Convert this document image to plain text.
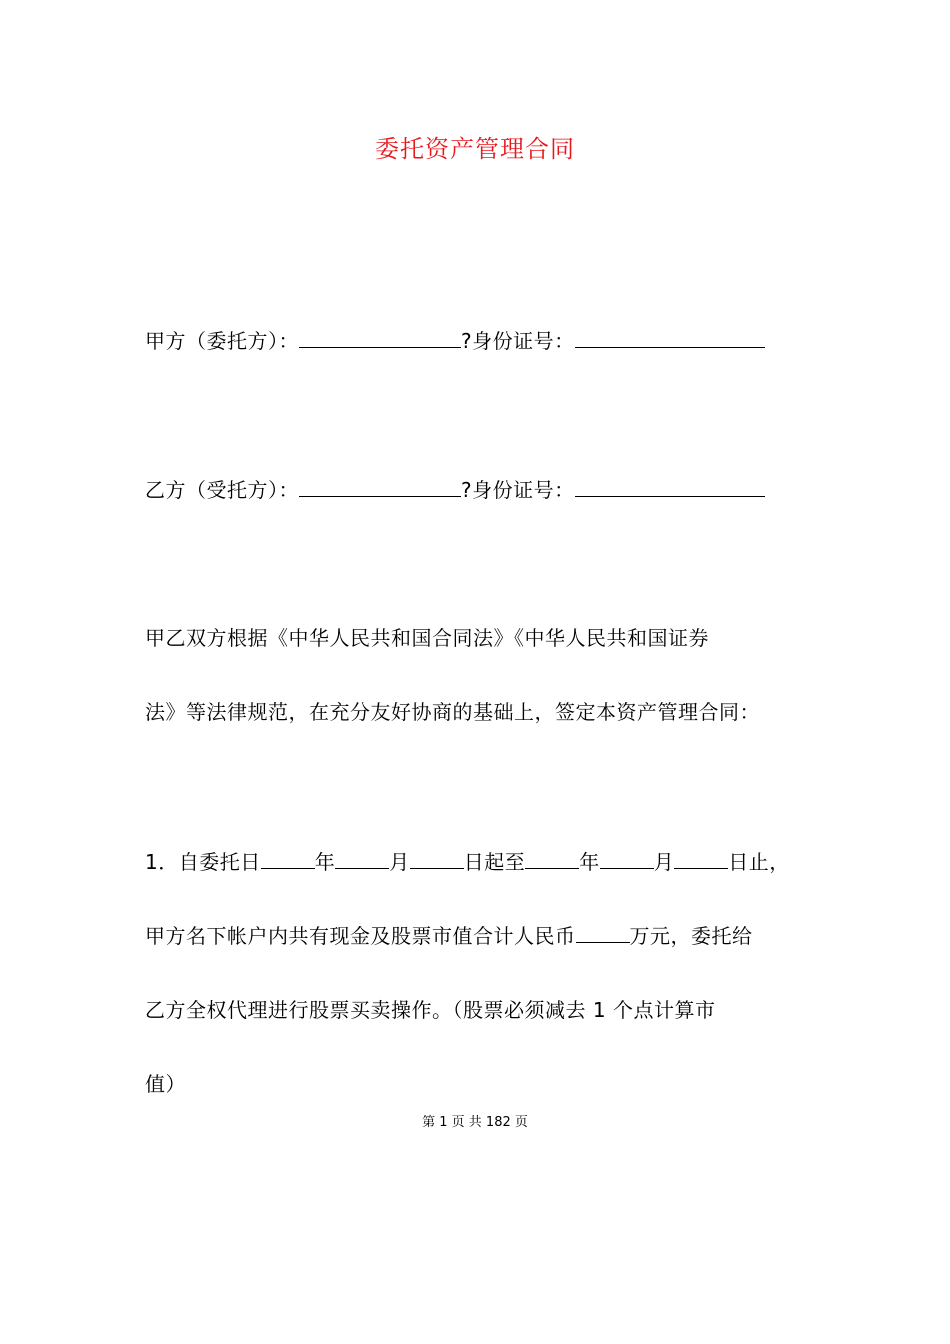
委托资产管理合同
甲方（委托方）：	?身份证号：
乙方（受托方）：	?身份证号：
甲乙双方根据《中华人民共和国合同法》《中华人民共和国证券
法》等法律规范，在充分友好协商的基础上，签定本资产管理合同：
1．自委托日	年	月	日起至	年	月	日止，
甲方名下帐户内共有现金及股票市值合计人民币	万元，委托给
乙方全权代理进行股票买卖操作。（股票必须减去 1 个点计算市
值）
第 1 页 共 182 页
